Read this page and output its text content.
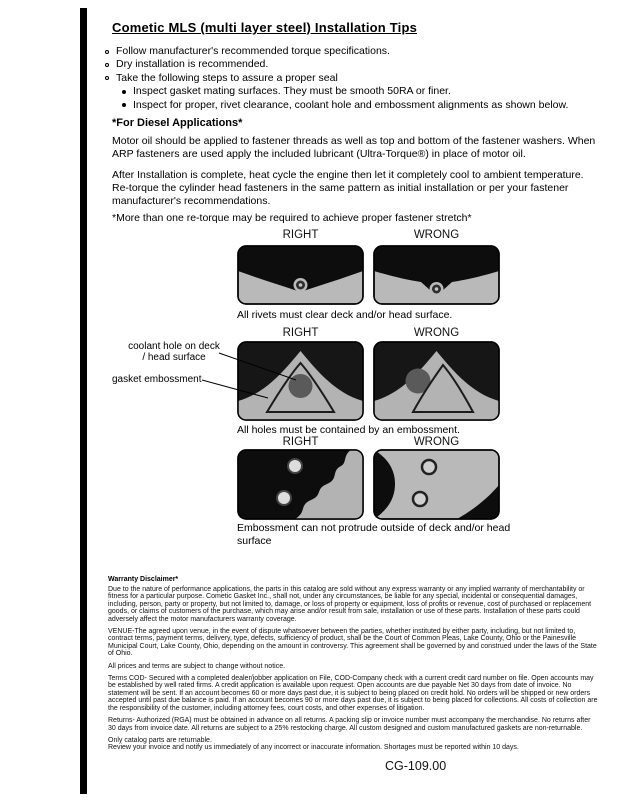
Cometic MLS (multi layer steel) Installation Tips
Follow manufacturer's recommended torque specifications.
Dry installation is recommended.
Take the following steps to assure a proper seal
Inspect gasket mating surfaces. They must be smooth 50RA or finer.
Inspect for proper, rivet clearance, coolant hole and embossment alignments as shown below.
*For Diesel Applications*

Motor oil should be applied to fastener threads as well as top and bottom of the fastener washers. When ARP fasteners are used apply the included lubricant (Ultra-Torque®) in place of motor oil.

After Installation is complete, heat cycle the engine then let it completely cool to ambient temperature. Re-torque the cylinder head fasteners in the same pattern as initial installation or per your fastener manufacturer's recommendations.

*More than one re-torque may be required to achieve proper fastener stretch*

RIGHT	WRONG
All rivets must clear deck and/or head surface.
RIGHT	WRONG
coolant hole on deck / head surface
gasket embossment
All holes must be contained by an embossment.
RIGHT	WRONG
Embossment can not protrude outside of deck and/or head surface
Warranty Disclaimer*

Due to the nature of performance applications, the parts in this catalog are sold without any express warranty or any implied warranty of merchantability or fitness for a particular purpose. Cometic Gasket Inc., shall not, under any circumstances, be liable for any special, incidental or consequential damages, including, person, party or property, but not limited to, damage, or loss of property or equipment, loss of profits or revenue, cost of purchased or replacement goods, or claims of customers of the purchase, which may arise and/or result from sale, installation or use of these parts. Installation of these parts could adversely affect the motor manufacturers warranty coverage.

VENUE-The agreed upon venue, in the event of dispute whatsoever between the parties, whether instituted by either party, including, but not limited to, contract terms, payment terms, delivery, type, defects, sufficiency of product, shall be the Court of Common Pleas, Lake County, Ohio or the Painesville Municipal Court, Lake County, Ohio, depending on the amount in controversy. This agreement shall be governed by and construed under the laws of the State of Ohio.

All prices and terms are subject to change without notice.

Terms COD- Secured with a completed dealer/jobber application on File, COD-Company check with a current credit card number on file. Open accounts may be established by well rated firms. A credit application is available upon request. Open accounts are due payable Net 30 days from date of invoice. No statement will be sent. If an account becomes 60 or more days past due, it is subject to being placed on credit hold. No orders will be shipped or new orders accepted until past due balance is paid. If an account becomes 90 or more days past due, it is subject to being placed for collections. All costs of collection are the responsibility of the customer, including attorney fees, court costs, and other expenses of litigation.

Returns- Authorized (RGA) must be obtained in advance on all returns. A packing slip or invoice number must accompany the merchandise. No returns after 30 days from invoice date. All returns are subject to a 25% restocking charge. All custom designed and custom manufactured gaskets are non-returnable.

Only catalog parts are returnable.

Review your invoice and notify us immediately of any incorrect or inaccurate information. Shortages must be reported within 10 days.

CG-109.00
